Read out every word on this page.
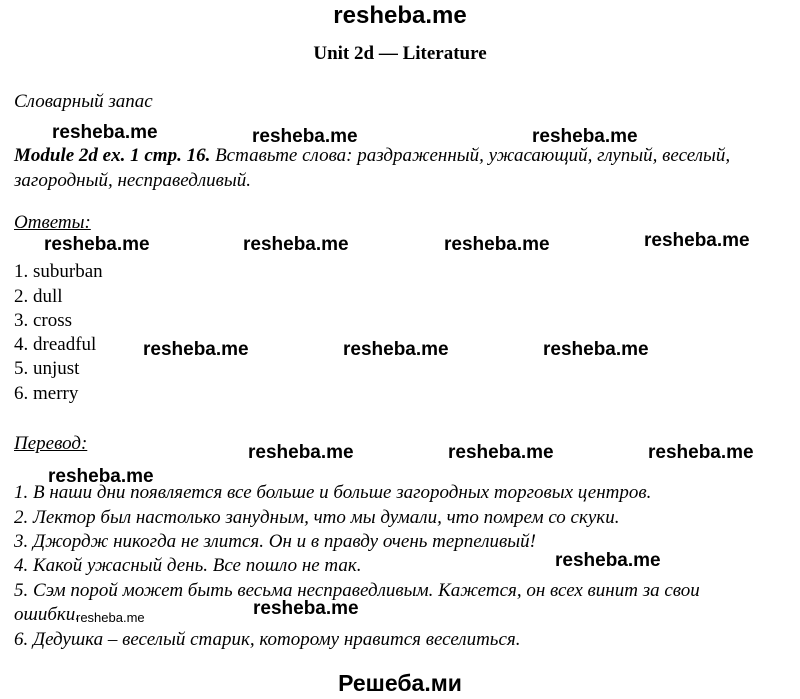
resheba.me
Unit 2d — Literature
Словарный запас
Module 2d ex. 1 стр. 16. Вставьте слова: раздраженный, ужасающий, глупый, веселый, загородный, несправедливый.
Ответы:
1. suburban
2. dull
3. cross
4. dreadful
5. unjust
6. merry
Перевод:
1. В наши дни появляется все больше и больше загородных торговых центров.
2. Лектор был настолько занудным, что мы думали, что помрем со скуки.
3. Джордж никогда не злится. Он и в правду очень терпеливый!
4. Какой ужасный день. Все пошло не так.
5. Сэм порой может быть весьма несправедливым. Кажется, он всех винит за свои
ошибки.
6. Дедушка – веселый старик, которому нравится веселиться.
resheba.me	resheba.me	resheba.me
resheba.me	resheba.me	resheba.me	resheba.me
resheba.me	resheba.me	resheba.me
resheba.me	resheba.me	resheba.me
resheba.me
resheba.me
resheba.me
resheba.me
Решеба.ми
